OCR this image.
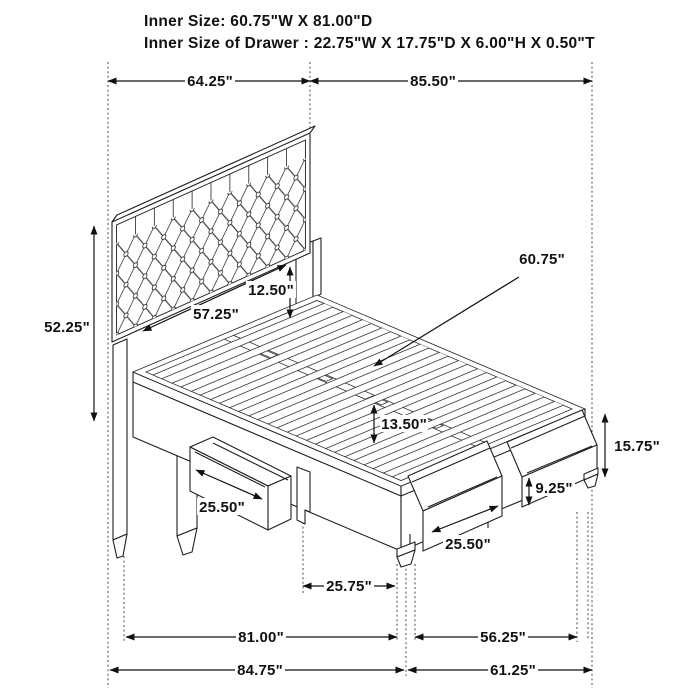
Inner Size: 60.75"W X 81.00"D
Inner Size of Drawer : 22.75"W X 17.75"D X 6.00"H X 0.50"T
64.25"	85.50"
52.25"
57.25"
12.50"
60.75"
13.50"
15.75"
9.25"
25.50"
25.50"
25.75"
81.00"	56.25"
84.75"	61.25"
